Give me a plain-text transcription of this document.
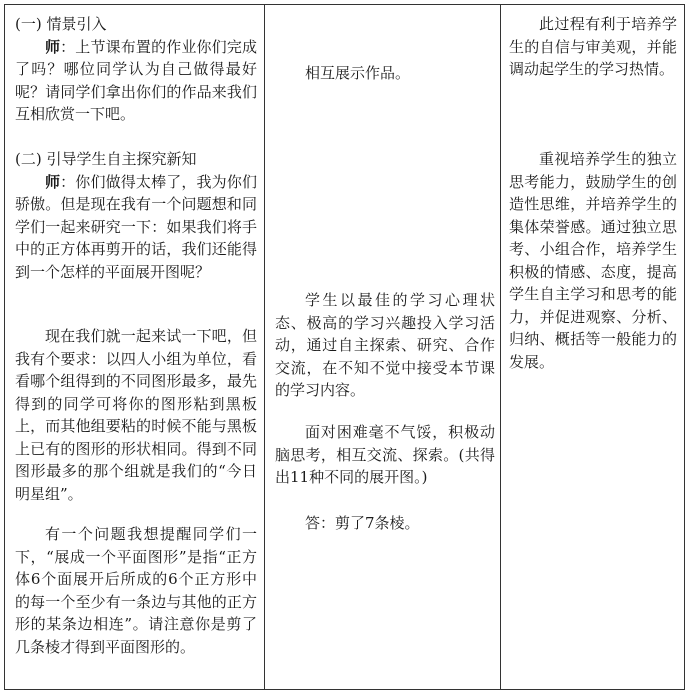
(一) 情景引入

师：上节课布置的作业你们完成了吗？哪位同学认为自己做得最好呢？请同学们拿出你们的作品来我们互相欣赏一下吧。

(二) 引导学生自主探究新知

师：你们做得太棒了，我为你们骄傲。但是现在我有一个问题想和同学们一起来研究一下：如果我们将手中的正方体再剪开的话，我们还能得到一个怎样的平面展开图呢？

现在我们就一起来试一下吧，但我有个要求：以四人小组为单位，看看哪个组得到的不同图形最多，最先得到的同学可将你的图形粘到黑板上，而其他组要粘的时候不能与黑板上已有的图形的形状相同。得到不同图形最多的那个组就是我们的“今日明星组”。

有一个问题我想提醒同学们一下，“展成一个平面图形”是指“正方体6个面展开后所成的6个正方形中的每一个至少有一条边与其他的正方形的某条边相连”。请注意你是剪了几条棱才得到平面图形的。

相互展示作品。

学生以最佳的学习心理状态、极高的学习兴趣投入学习活动，通过自主探索、研究、合作交流，在不知不觉中接受本节课的学习内容。

面对困难毫不气馁，积极动脑思考，相互交流、探索。(共得出11种不同的展开图。)

答：剪了7条棱。

此过程有利于培养学生的自信与审美观，并能调动起学生的学习热情。

重视培养学生的独立思考能力，鼓励学生的创造性思维，并培养学生的集体荣誉感。通过独立思考、小组合作，培养学生积极的情感、态度，提高学生自主学习和思考的能力，并促进观察、分析、归纳、概括等一般能力的发展。
